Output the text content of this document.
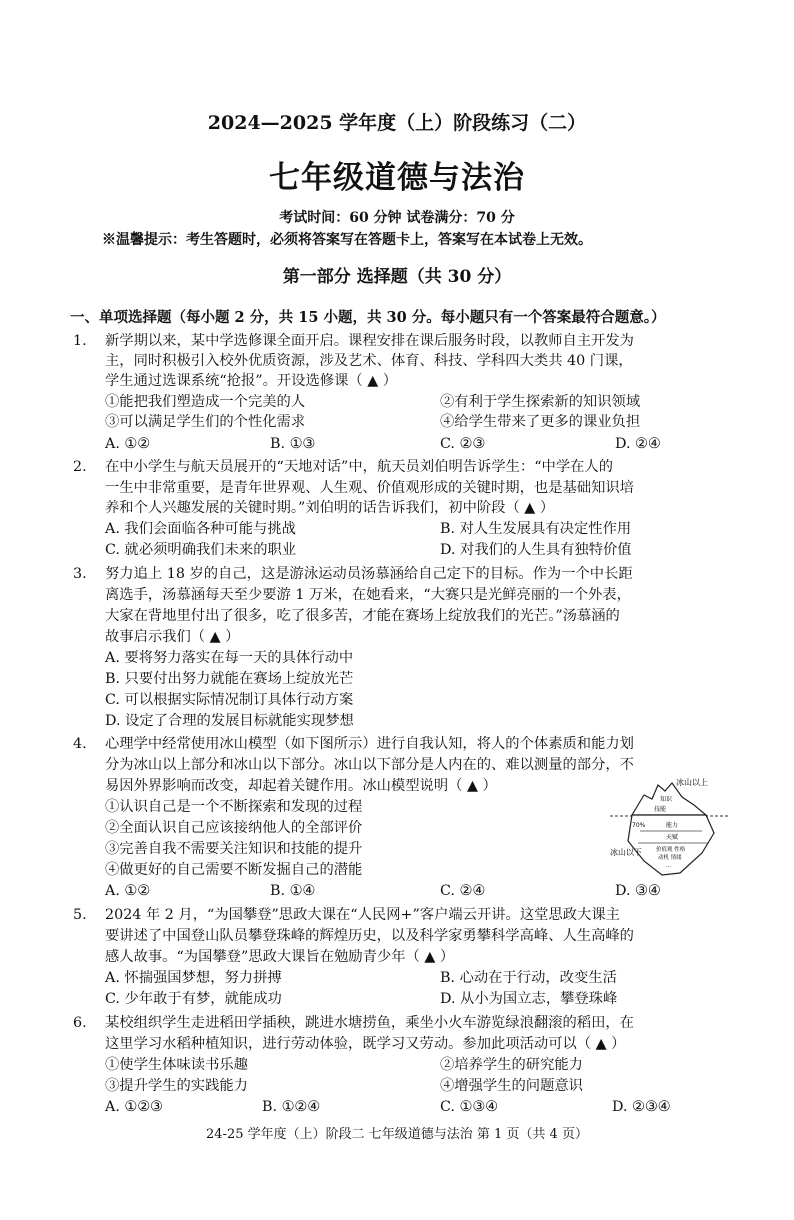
2024—2025 学年度（上）阶段练习（二）
七年级道德与法治
考试时间：60 分钟 试卷满分：70 分
※温馨提示：考生答题时，必须将答案写在答题卡上，答案写在本试卷上无效。
第一部分 选择题（共 30 分）
一、单项选择题（每小题 2 分，共 15 小题，共 30 分。每小题只有一个答案最符合题意。）
1. 新学期以来，某中学选修课全面开启。课程安排在课后服务时段，以教师自主开发为
主，同时积极引入校外优质资源，涉及艺术、体育、科技、学科四大类共 40 门课，
学生通过选课系统“抢报”。开设选修课（ ▲ ）
①能把我们塑造成一个完美的人	②有利于学生探索新的知识领域
③可以满足学生们的个性化需求	④给学生带来了更多的课业负担
A. ①②	B. ①③	C. ②③	D. ②④
2. 在中小学生与航天员展开的“天地对话”中，航天员刘伯明告诉学生：“中学在人的
一生中非常重要，是青年世界观、人生观、价值观形成的关键时期，也是基础知识培
养和个人兴趣发展的关键时期。”刘伯明的话告诉我们，初中阶段（ ▲ ）
A. 我们会面临各种可能与挑战	B. 对人生发展具有决定性作用
C. 就必须明确我们未来的职业	D. 对我们的人生具有独特价值
3. 努力追上 18 岁的自己，这是游泳运动员汤慕涵给自己定下的目标。作为一个中长距
离选手，汤慕涵每天至少要游 1 万米，在她看来，“大赛只是光鲜亮丽的一个外表，
大家在背地里付出了很多，吃了很多苦，才能在赛场上绽放我们的光芒。”汤慕涵的
故事启示我们（ ▲ ）
A. 要将努力落实在每一天的具体行动中
B. 只要付出努力就能在赛场上绽放光芒
C. 可以根据实际情况制订具体行动方案
D. 设定了合理的发展目标就能实现梦想
4. 心理学中经常使用冰山模型（如下图所示）进行自我认知，将人的个体素质和能力划
分为冰山以上部分和冰山以下部分。冰山以下部分是人内在的、难以测量的部分，不
易因外界影响而改变，却起着关键作用。冰山模型说明（ ▲ ）
①认识自己是一个不断探索和发现的过程
②全面认识自己应该接纳他人的全部评价
③完善自我不需要关注知识和技能的提升
④做更好的自己需要不断发掘自己的潜能
A. ①②	B. ①④	C. ②④	D. ③④
冰山以上
冰山以下
知识
技能
70%	能力
天赋
价值观 性格
动机 情绪
...
5. 2024 年 2 月，“为国攀登”思政大课在“人民网+”客户端云开讲。这堂思政大课主
要讲述了中国登山队员攀登珠峰的辉煌历史，以及科学家勇攀科学高峰、人生高峰的
感人故事。“为国攀登”思政大课旨在勉励青少年（ ▲ ）
A. 怀揣强国梦想，努力拼搏	B. 心动在于行动，改变生活
C. 少年敢于有梦，就能成功	D. 从小为国立志，攀登珠峰
6. 某校组织学生走进稻田学插秧，跳进水塘捞鱼，乘坐小火车游览绿浪翻滚的稻田，在
这里学习水稻种植知识，进行劳动体验，既学习又劳动。参加此项活动可以（ ▲ ）
①使学生体味读书乐趣	②培养学生的研究能力
③提升学生的实践能力	④增强学生的问题意识
A. ①②③	B. ①②④	C. ①③④	D. ②③④
24-25 学年度（上）阶段二 七年级道德与法治 第 1 页（共 4 页）
